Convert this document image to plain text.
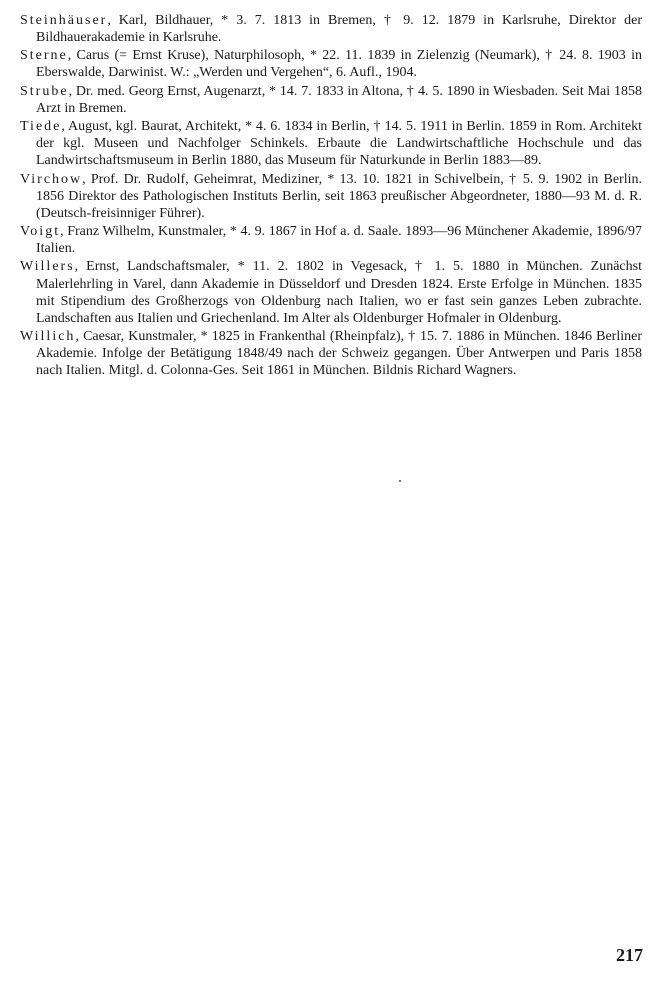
Steinhäuser, Karl, Bildhauer, * 3. 7. 1813 in Bremen, † 9. 12. 1879 in Karlsruhe, Direktor der Bildhauerakademie in Karlsruhe.

Sterne, Carus (= Ernst Kruse), Naturphilosoph, * 22. 11. 1839 in Zielenzig (Neumark), † 24. 8. 1903 in Eberswalde, Darwinist. W.: „Werden und Vergehen“, 6. Aufl., 1904.

Strube, Dr. med. Georg Ernst, Augenarzt, * 14. 7. 1833 in Altona, † 4. 5. 1890 in Wiesbaden. Seit Mai 1858 Arzt in Bremen.

Tiede, August, kgl. Baurat, Architekt, * 4. 6. 1834 in Berlin, † 14. 5. 1911 in Berlin. 1859 in Rom. Architekt der kgl. Museen und Nachfolger Schinkels. Erbaute die Landwirtschaftliche Hochschule und das Landwirtschaftsmuseum in Berlin 1880, das Museum für Naturkunde in Berlin 1883—89.

Virchow, Prof. Dr. Rudolf, Geheimrat, Mediziner, * 13. 10. 1821 in Schivelbein, † 5. 9. 1902 in Berlin. 1856 Direktor des Pathologischen Instituts Berlin, seit 1863 preußischer Abgeordneter, 1880—93 M. d. R. (Deutsch-freisinniger Führer).

Voigt, Franz Wilhelm, Kunstmaler, * 4. 9. 1867 in Hof a. d. Saale. 1893—96 Münchener Akademie, 1896/97 Italien.

Willers, Ernst, Landschaftsmaler, * 11. 2. 1802 in Vegesack, † 1. 5. 1880 in München. Zunächst Malerlehrling in Varel, dann Akademie in Düsseldorf und Dresden 1824. Erste Erfolge in München. 1835 mit Stipendium des Großherzogs von Oldenburg nach Italien, wo er fast sein ganzes Leben zubrachte. Landschaften aus Italien und Griechenland. Im Alter als Oldenburger Hofmaler in Oldenburg.

Willich, Caesar, Kunstmaler, * 1825 in Frankenthal (Rheinpfalz), † 15. 7. 1886 in München. 1846 Berliner Akademie. Infolge der Betätigung 1848/49 nach der Schweiz gegangen. Über Antwerpen und Paris 1858 nach Italien. Mitgl. d. Colonna-Ges. Seit 1861 in München. Bildnis Richard Wagners.

217
